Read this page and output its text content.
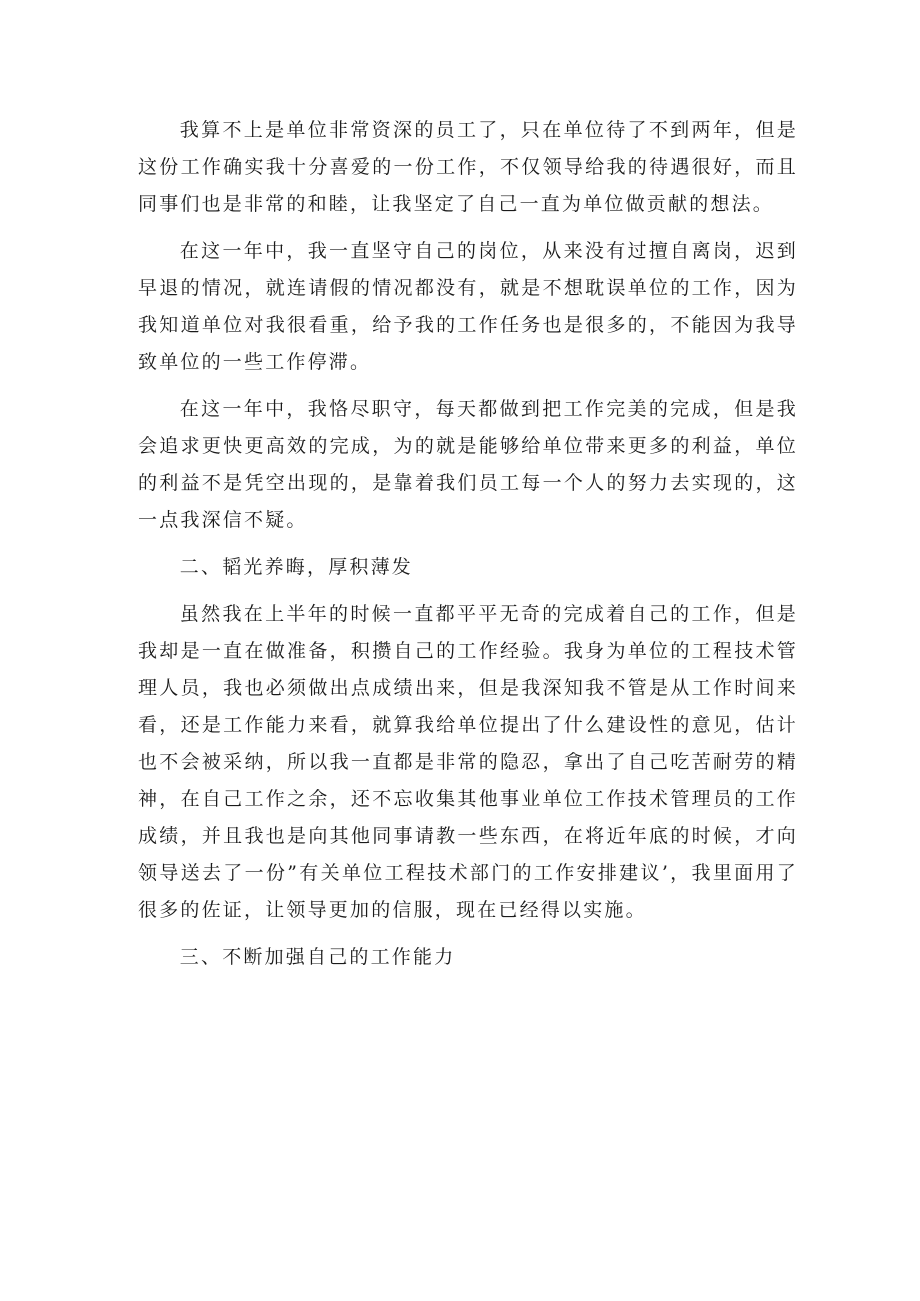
我算不上是单位非常资深的员工了，只在单位待了不到两年，但是这份工作确实我十分喜爱的一份工作，不仅领导给我的待遇很好，而且同事们也是非常的和睦，让我坚定了自己一直为单位做贡献的想法。

在这一年中，我一直坚守自己的岗位，从来没有过擅自离岗，迟到早退的情况，就连请假的情况都没有，就是不想耽误单位的工作，因为我知道单位对我很看重，给予我的工作任务也是很多的，不能因为我导致单位的一些工作停滞。

在这一年中，我恪尽职守，每天都做到把工作完美的完成，但是我会追求更快更高效的完成，为的就是能够给单位带来更多的利益，单位的利益不是凭空出现的，是靠着我们员工每一个人的努力去实现的，这一点我深信不疑。

二、韬光养晦，厚积薄发

虽然我在上半年的时候一直都平平无奇的完成着自己的工作，但是我却是一直在做准备，积攒自己的工作经验。我身为单位的工程技术管理人员，我也必须做出点成绩出来，但是我深知我不管是从工作时间来看，还是工作能力来看，就算我给单位提出了什么建设性的意见，估计也不会被采纳，所以我一直都是非常的隐忍，拿出了自己吃苦耐劳的精神，在自己工作之余，还不忘收集其他事业单位工作技术管理员的工作成绩，并且我也是向其他同事请教一些东西，在将近年底的时候，才向领导送去了一份”有关单位工程技术部门的工作安排建议’，我里面用了很多的佐证，让领导更加的信服，现在已经得以实施。

三、不断加强自己的工作能力
